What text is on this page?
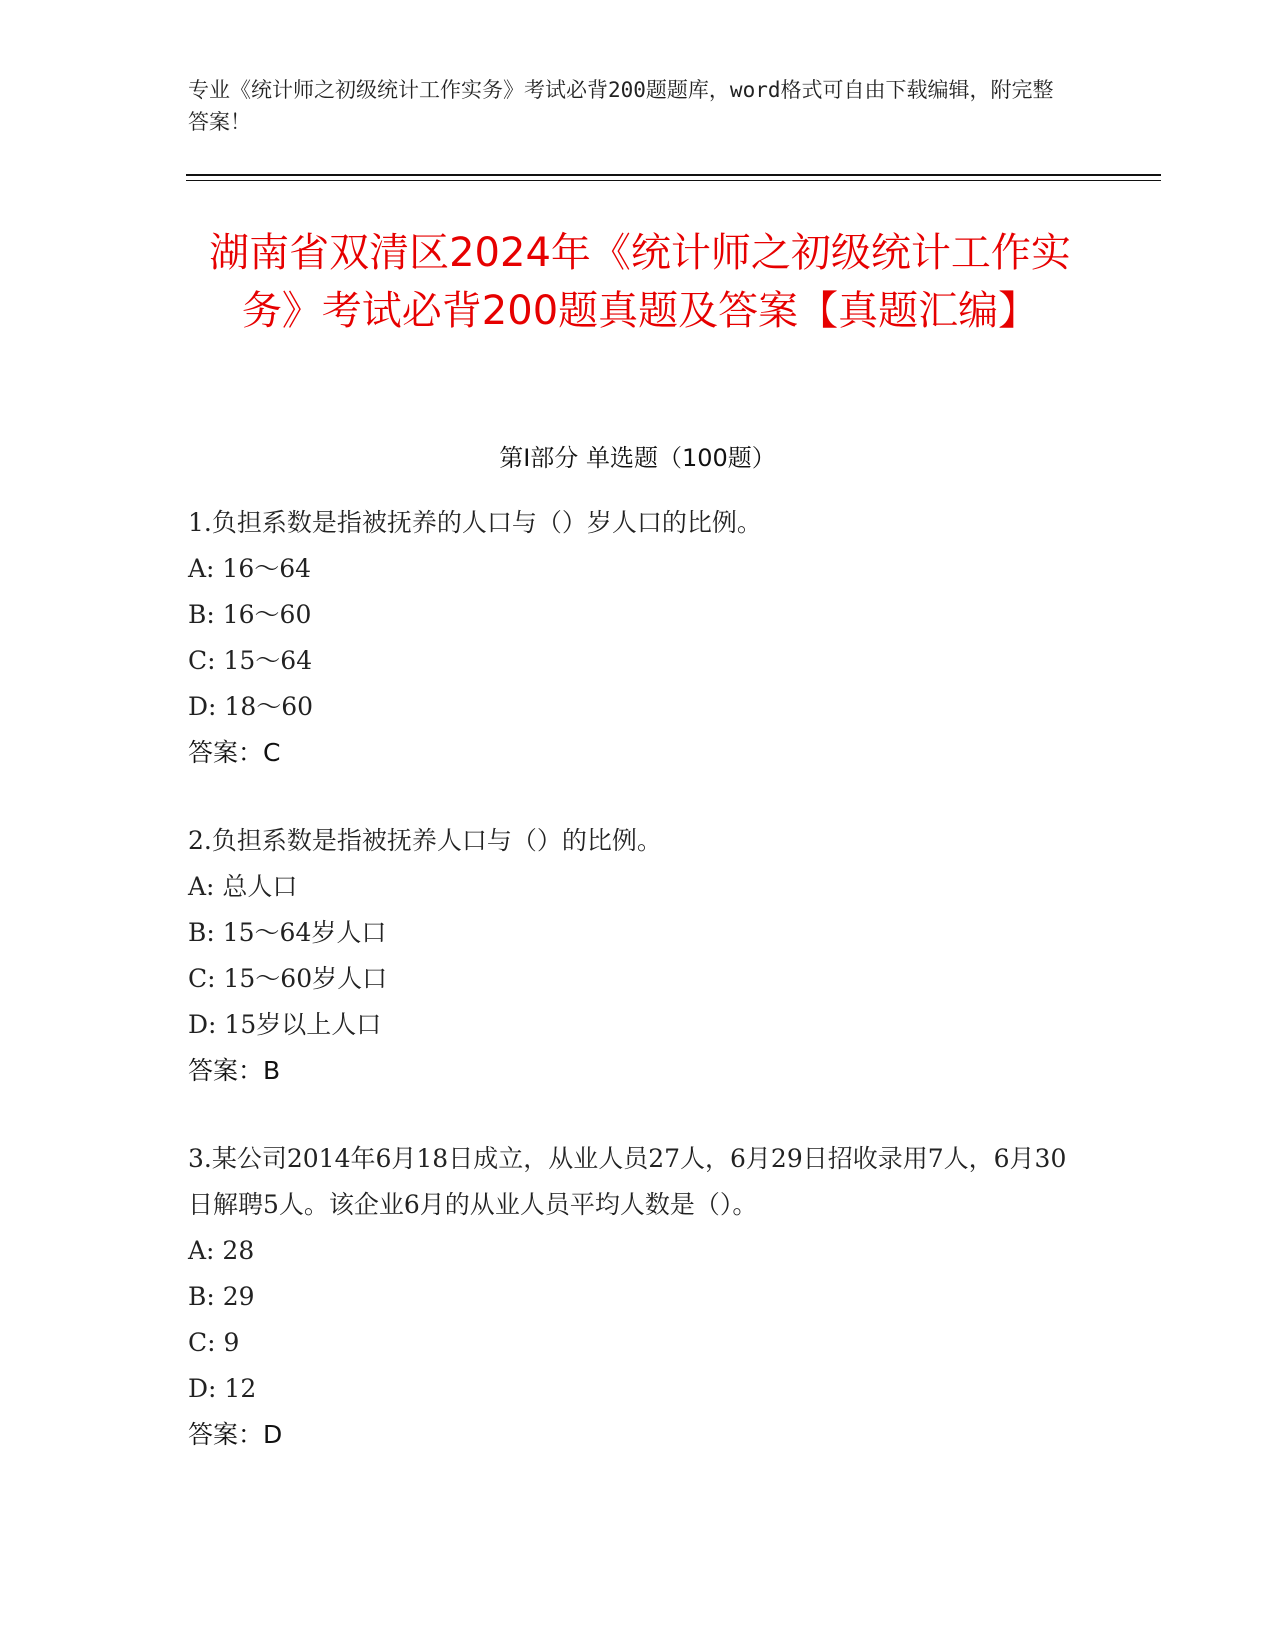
专业《统计师之初级统计工作实务》考试必背200题题库，word格式可自由下载编辑，附完整答案！
湖南省双清区2024年《统计师之初级统计工作实务》考试必背200题真题及答案【真题汇编】
第Ⅰ部分 单选题（100题）

1.负担系数是指被抚养的人口与（）岁人口的比例。

A: 16～64
B: 16～60
C: 15～64
D: 18～60
答案：C

2.负担系数是指被抚养人口与（）的比例。

A: 总人口
B: 15～64岁人口
C: 15～60岁人口
D: 15岁以上人口
答案：B

3.某公司2014年6月18日成立，从业人员27人，6月29日招收录用7人，6月30日解聘5人。该企业6月的从业人员平均人数是（）。

A: 28
B: 29
C: 9
D: 12
答案：D
